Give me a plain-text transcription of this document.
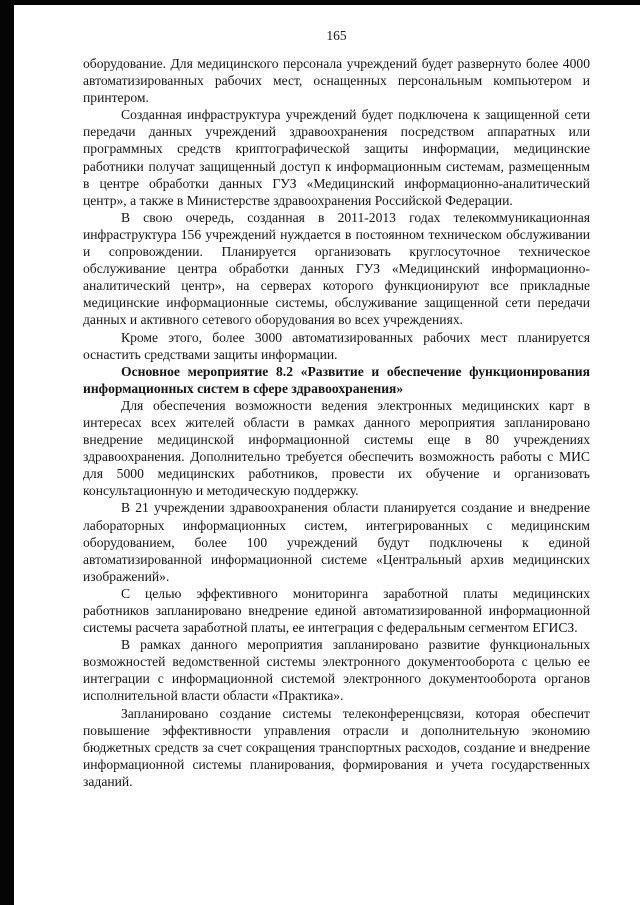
165

оборудование. Для медицинского персонала учреждений будет развернуто более 4000 автоматизированных рабочих мест, оснащенных персональным компьютером и принтером.

Созданная инфраструктура учреждений будет подключена к защищенной сети передачи данных учреждений здравоохранения посредством аппаратных или программных средств криптографической защиты информации, медицинские работники получат защищенный доступ к информационным системам, размещенным в центре обработки данных ГУЗ «Медицинский информационно-аналитический центр», а также в Министерстве здравоохранения Российской Федерации.

В свою очередь, созданная в 2011-2013 годах телекоммуникационная инфраструктура 156 учреждений нуждается в постоянном техническом обслуживании и сопровождении. Планируется организовать круглосуточное техническое обслуживание центра обработки данных ГУЗ «Медицинский информационно-аналитический центр», на серверах которого функционируют все прикладные медицинские информационные системы, обслуживание защищенной сети передачи данных и активного сетевого оборудования во всех учреждениях.

Кроме этого, более 3000 автоматизированных рабочих мест планируется оснастить средствами защиты информации.

Основное мероприятие 8.2 «Развитие и обеспечение функционирования информационных систем в сфере здравоохранения»

Для обеспечения возможности ведения электронных медицинских карт в интересах всех жителей области в рамках данного мероприятия запланировано внедрение медицинской информационной системы еще в 80 учреждениях здравоохранения. Дополнительно требуется обеспечить возможность работы с МИС для 5000 медицинских работников, провести их обучение и организовать консультационную и методическую поддержку.

В 21 учреждении здравоохранения области планируется создание и внедрение лабораторных информационных систем, интегрированных с медицинским оборудованием, более 100 учреждений будут подключены к единой автоматизированной информационной системе «Центральный архив медицинских изображений».

С целью эффективного мониторинга заработной платы медицинских работников запланировано внедрение единой автоматизированной информационной системы расчета заработной платы, ее интеграция с федеральным сегментом ЕГИСЗ.

В рамках данного мероприятия запланировано развитие функциональных возможностей ведомственной системы электронного документооборота с целью ее интеграции с информационной системой электронного документооборота органов исполнительной власти области «Практика».

Запланировано создание системы телеконференцсвязи, которая обеспечит повышение эффективности управления отрасли и дополнительную экономию бюджетных средств за счет сокращения транспортных расходов, создание и внедрение информационной системы планирования, формирования и учета государственных заданий.
